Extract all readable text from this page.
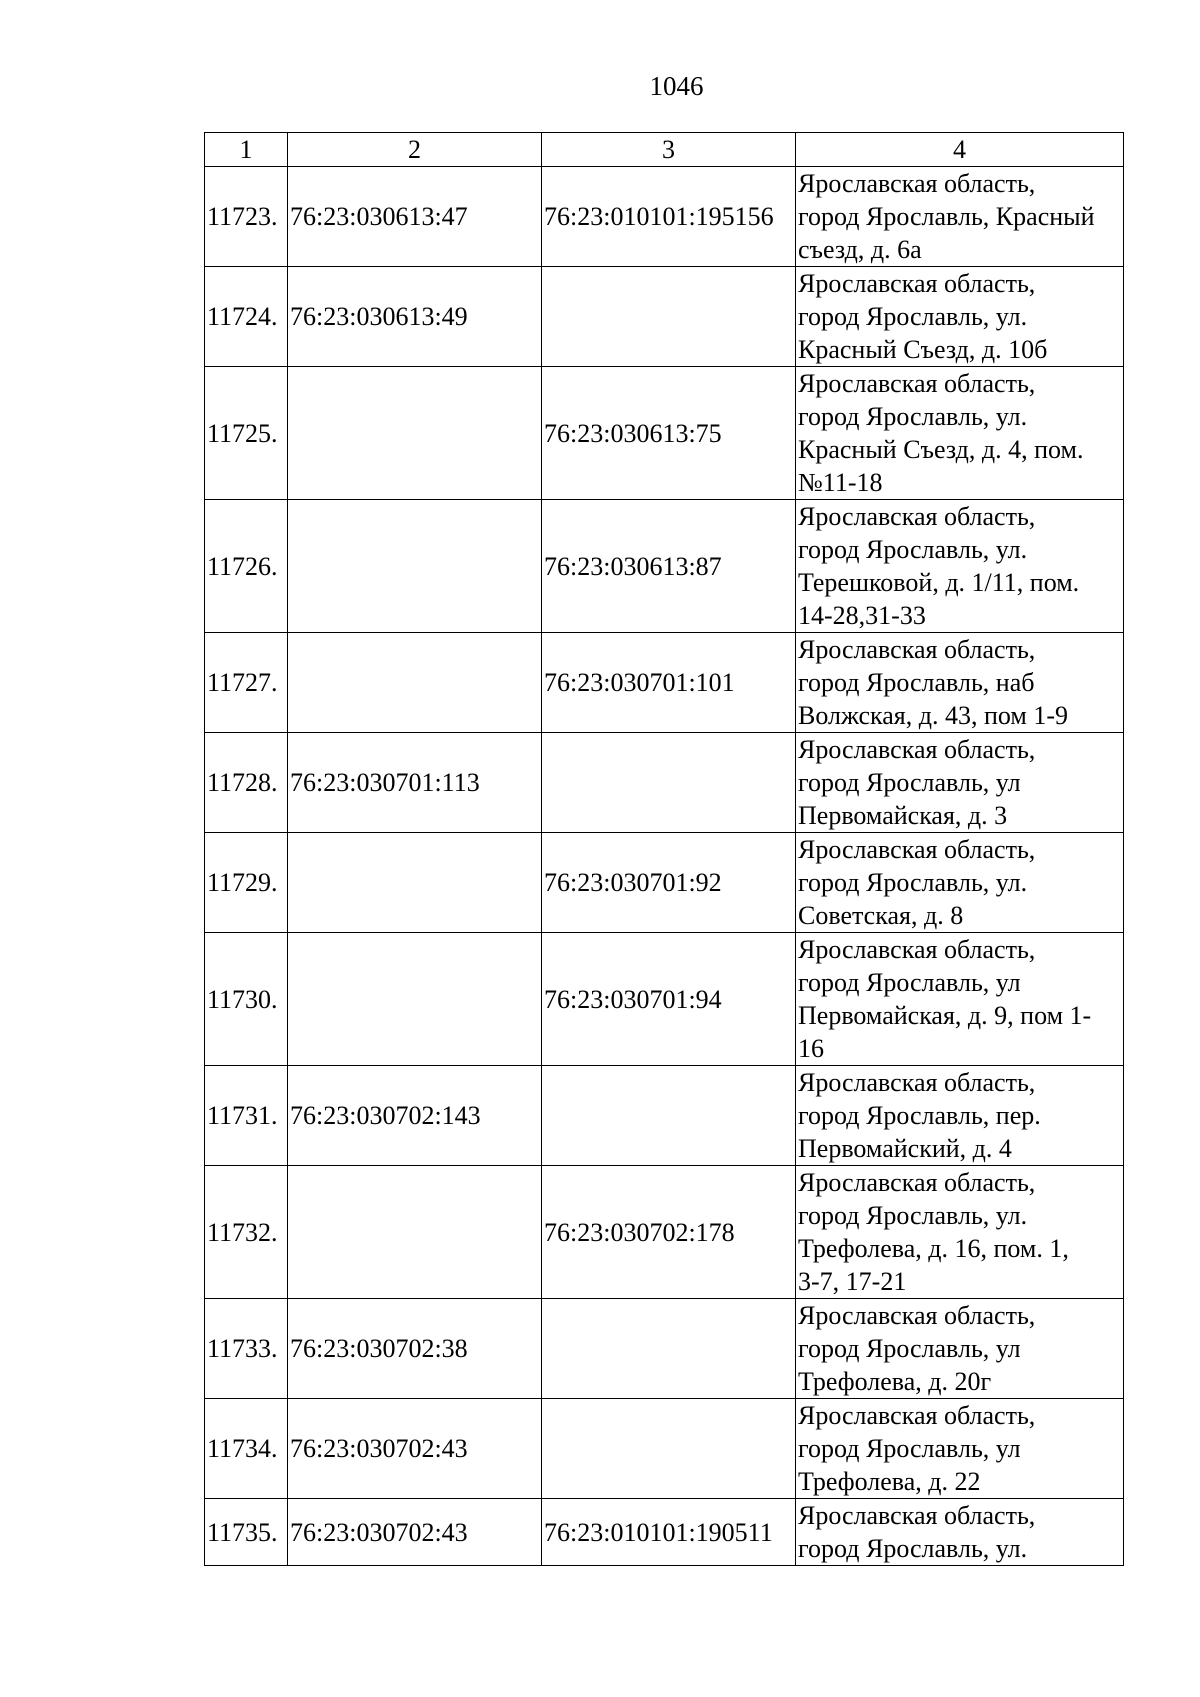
1046
1	2	3	4
11723.	76:23:030613:47	76:23:010101:195156	Ярославская область,
город Ярославль, Красный
съезд, д. 6а
11724.	76:23:030613:49		Ярославская область,
город Ярославль, ул.
Красный Съезд, д. 10б
11725.		76:23:030613:75	Ярославская область,
город Ярославль, ул.
Красный Съезд, д. 4, пом.
№11-18
11726.		76:23:030613:87	Ярославская область,
город Ярославль, ул.
Терешковой, д. 1/11, пом.
14-28,31-33
11727.		76:23:030701:101	Ярославская область,
город Ярославль, наб
Волжская, д. 43, пом 1-9
11728.	76:23:030701:113		Ярославская область,
город Ярославль, ул
Первомайская, д. 3
11729.		76:23:030701:92	Ярославская область,
город Ярославль, ул.
Советская, д. 8
11730.		76:23:030701:94	Ярославская область,
город Ярославль, ул
Первомайская, д. 9, пом 1-
16
11731.	76:23:030702:143		Ярославская область,
город Ярославль, пер.
Первомайский, д. 4
11732.		76:23:030702:178	Ярославская область,
город Ярославль, ул.
Трефолева, д. 16, пом. 1,
3-7, 17-21
11733.	76:23:030702:38		Ярославская область,
город Ярославль, ул
Трефолева, д. 20г
11734.	76:23:030702:43		Ярославская область,
город Ярославль, ул
Трефолева, д. 22
11735.	76:23:030702:43	76:23:010101:190511	Ярославская область,
город Ярославль, ул.
